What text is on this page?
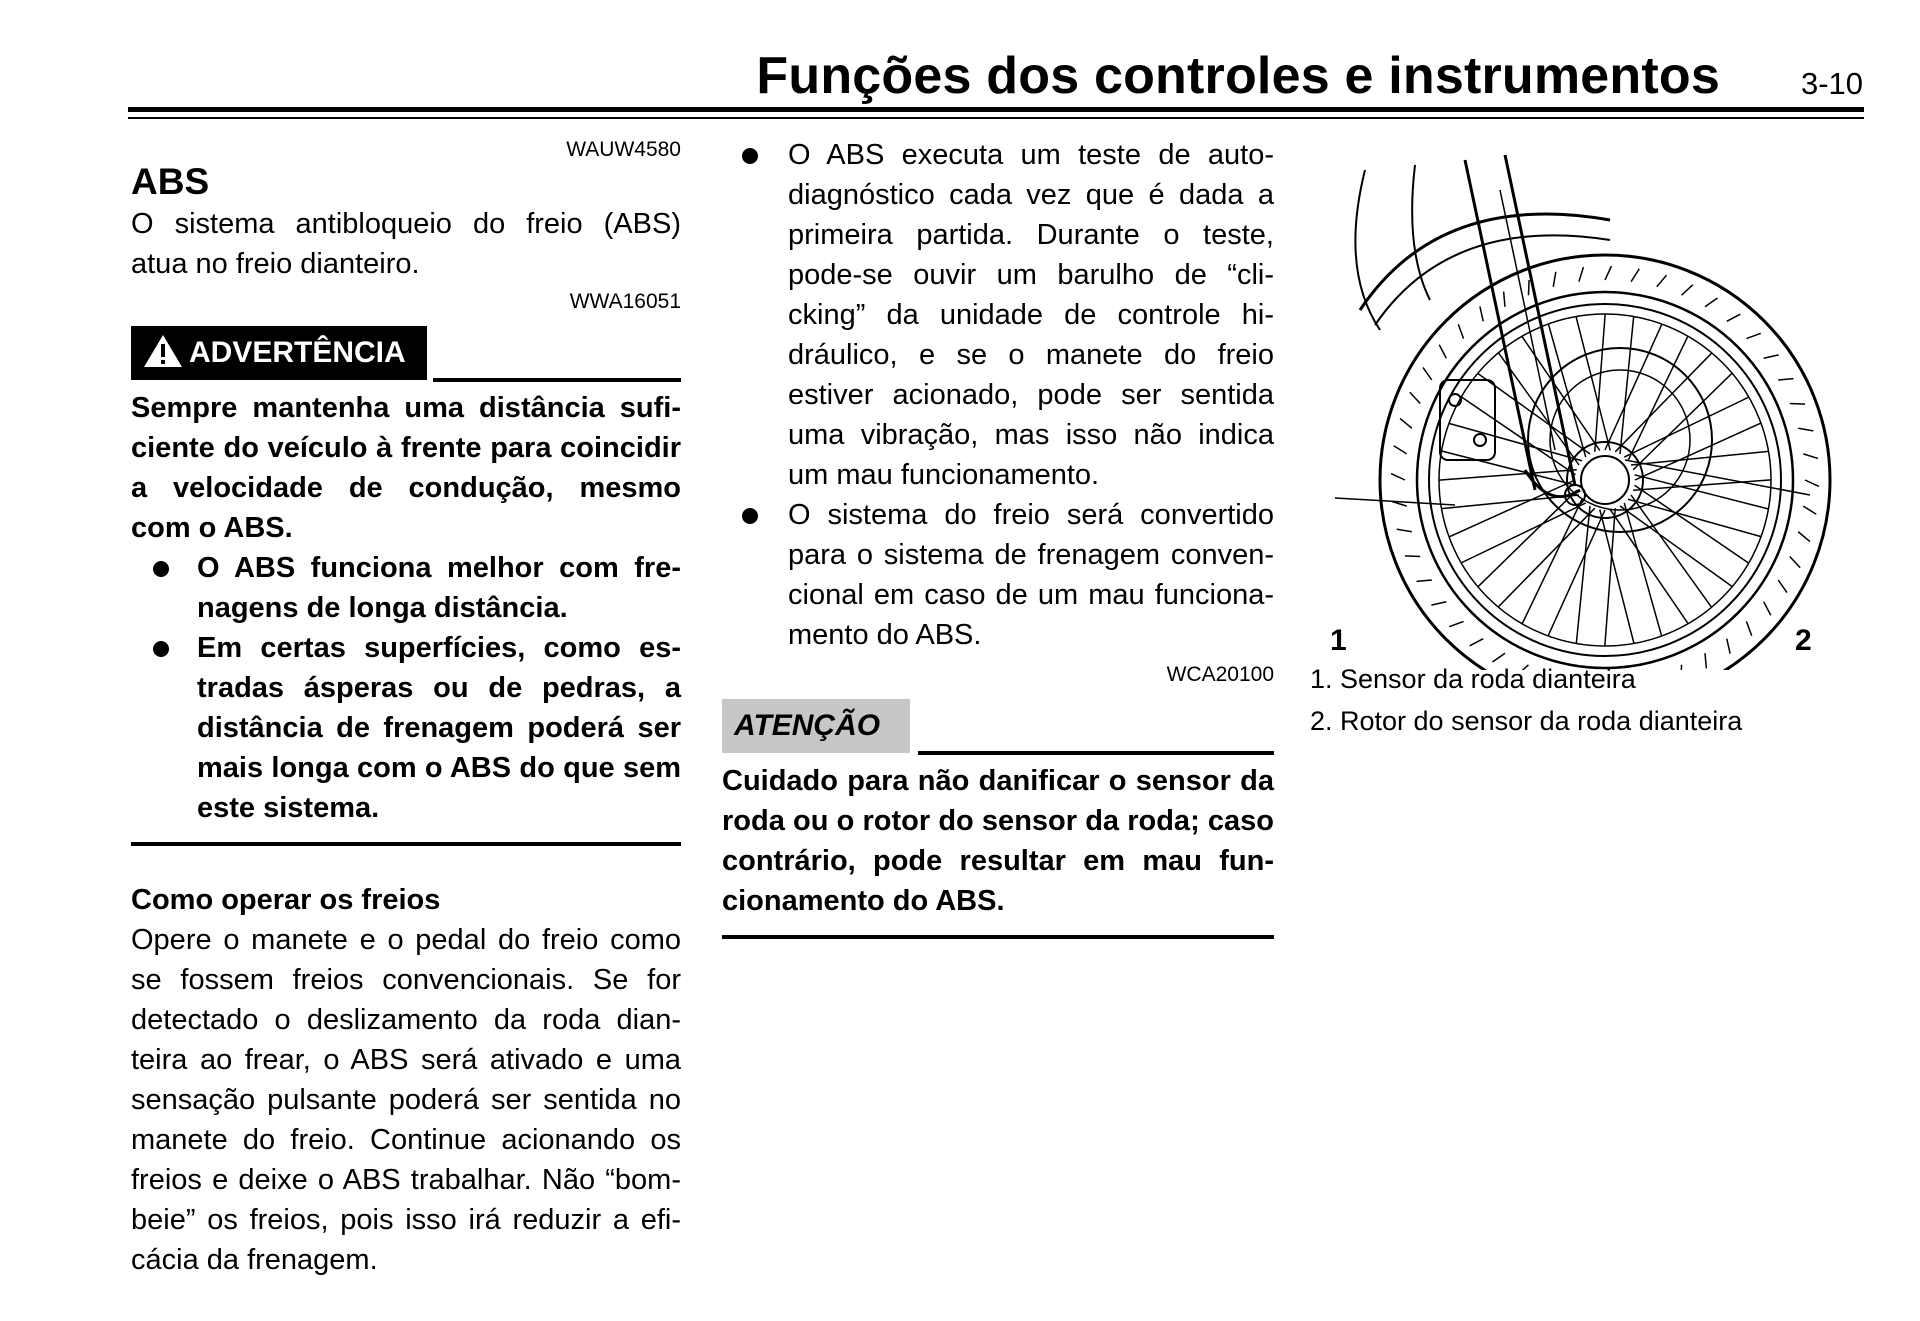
Funções dos controles e instrumentos	3-10
WAUW4580
ABS
O sistema antibloqueio do freio (ABS)
atua no freio dianteiro.
WWA16051
ADVERTÊNCIA
Sempre mantenha uma distância sufi-
ciente do veículo à frente para coincidir
a velocidade de condução, mesmo
com o ABS.
O ABS funciona melhor com fre-
nagens de longa distância.
Em certas superfícies, como es-
tradas ásperas ou de pedras, a
distância de frenagem poderá ser
mais longa com o ABS do que sem
este sistema.
Como operar os freios
Opere o manete e o pedal do freio como
se fossem freios convencionais. Se for
detectado o deslizamento da roda dian-
teira ao frear, o ABS será ativado e uma
sensação pulsante poderá ser sentida no
manete do freio. Continue acionando os
freios e deixe o ABS trabalhar. Não “bom-
beie” os freios, pois isso irá reduzir a efi-
cácia da frenagem.
O ABS executa um teste de auto-
diagnóstico cada vez que é dada a
primeira partida. Durante o teste,
pode-se ouvir um barulho de “cli-
cking” da unidade de controle hi-
dráulico, e se o manete do freio
estiver acionado, pode ser sentida
uma vibração, mas isso não indica
um mau funcionamento.
O sistema do freio será convertido
para o sistema de frenagem conven-
cional em caso de um mau funciona-
mento do ABS.
WCA20100
ATENÇÃO
Cuidado para não danificar o sensor da
roda ou o rotor do sensor da roda; caso
contrário, pode resultar em mau fun-
cionamento do ABS.
1	2
1. Sensor da roda dianteira
2. Rotor do sensor da roda dianteira
